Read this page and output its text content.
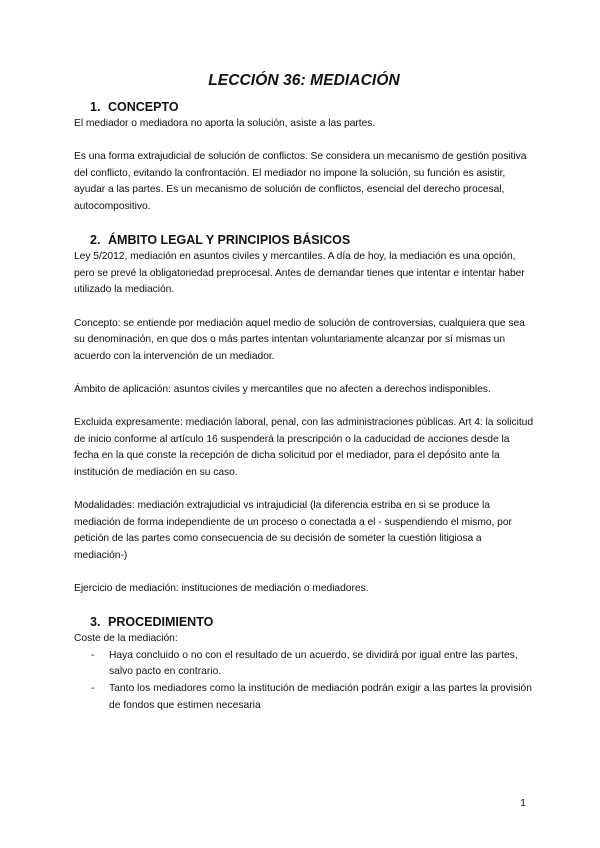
LECCIÓN 36: MEDIACIÓN
1. CONCEPTO

El mediador o mediadora no aporta la solución, asiste a las partes.

Es una forma extrajudicial de solución de conflictos. Se considera un mecanismo de gestión positiva del conflicto, evitando la confrontación. El mediador no impone la solución, su función es asistir, ayudar a las partes. Es un mecanismo de solución de conflictos, esencial del derecho procesal, autocompositivo.

2. ÁMBITO LEGAL Y PRINCIPIOS BÁSICOS

Ley 5/2012, mediación en asuntos civiles y mercantiles. A día de hoy, la mediación es una opción, pero se prevé la obligatoriedad preprocesal. Antes de demandar tienes que intentar e intentar haber utilizado la mediación.

Concepto: se entiende por mediación aquel medio de solución de controversias, cualquiera que sea su denominación, en que dos o más partes intentan voluntariamente alcanzar por sí mismas un acuerdo con la intervención de un mediador.

Ámbito de aplicación: asuntos civiles y mercantiles que no afecten a derechos indisponibles.

Excluida expresamente: mediación laboral, penal, con las administraciones públicas. Art 4: la solicitud de inicio conforme al artículo 16 suspenderá la prescripción o la caducidad de acciones desde la fecha en la que conste la recepción de dicha solicitud por el mediador, para el depósito ante la institución de mediación en su caso.

Modalidades: mediación extrajudicial vs intrajudicial (la diferencia estriba en si se produce la mediación de forma independiente de un proceso o conectada a el - suspendiendo el mismo, por petición de las partes como consecuencia de su decisión de someter la cuestión litigiosa a mediación-)

Ejercicio de mediación: instituciones de mediación o mediadores.

3. PROCEDIMIENTO

Coste de la mediación:

- Haya concluido o no con el resultado de un acuerdo, se dividirá por igual entre las partes, salvo pacto en contrario.
- Tanto los mediadores como la institución de mediación podrán exigir a las partes la provisión de fondos que estimen necesaria
1
